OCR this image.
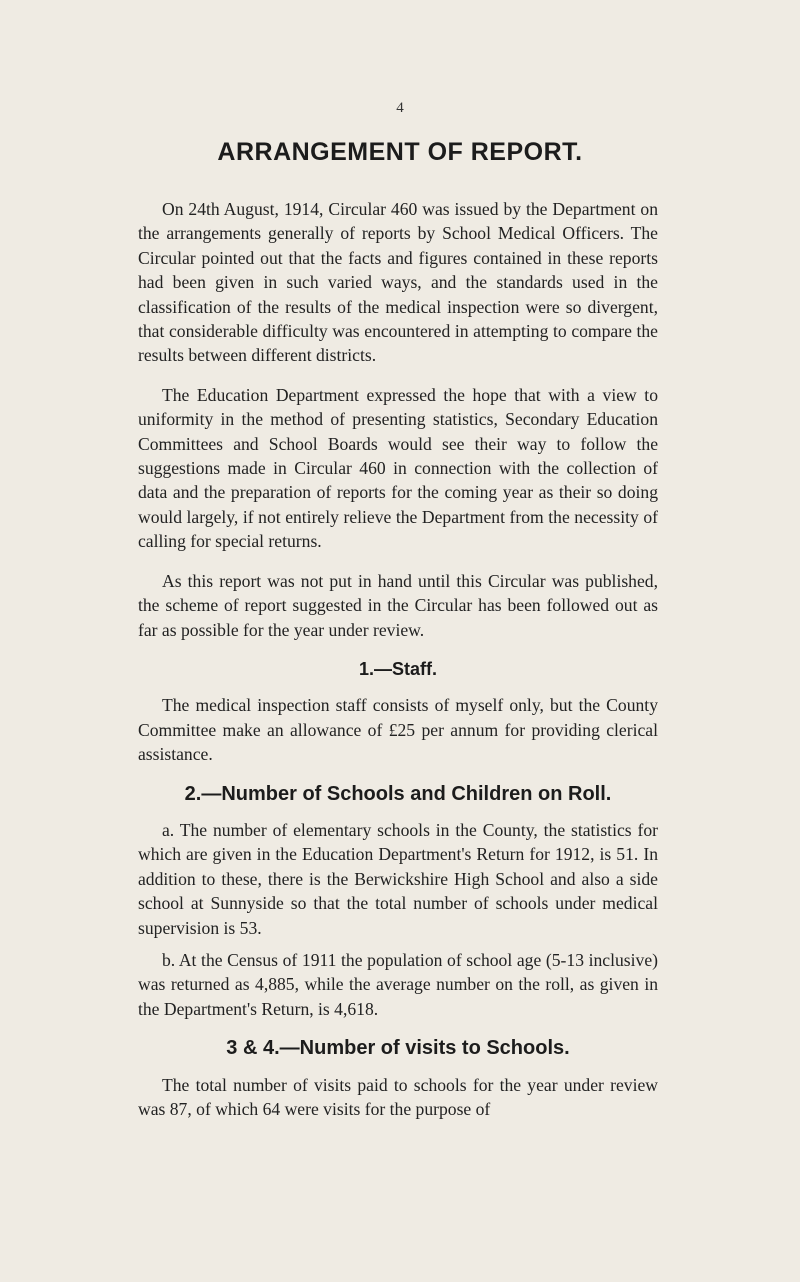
4
ARRANGEMENT OF REPORT.

On 24th August, 1914, Circular 460 was issued by the Department on the arrangements generally of reports by School Medical Officers. The Circular pointed out that the facts and figures contained in these reports had been given in such varied ways, and the standards used in the classification of the results of the medical inspection were so divergent, that considerable difficulty was encountered in attempting to compare the results between different districts.

The Education Department expressed the hope that with a view to uniformity in the method of presenting statistics, Secondary Education Committees and School Boards would see their way to follow the suggestions made in Circular 460 in connection with the collection of data and the preparation of reports for the coming year as their so doing would largely, if not entirely relieve the Department from the necessity of calling for special returns.

As this report was not put in hand until this Circular was published, the scheme of report suggested in the Circular has been followed out as far as possible for the year under review.

1.—Staff.

The medical inspection staff consists of myself only, but the County Committee make an allowance of £25 per annum for providing clerical assistance.

2.—Number of Schools and Children on Roll.

a. The number of elementary schools in the County, the statistics for which are given in the Education Department's Return for 1912, is 51. In addition to these, there is the Berwickshire High School and also a side school at Sunnyside so that the total number of schools under medical supervision is 53.

b. At the Census of 1911 the population of school age (5-13 inclusive) was returned as 4,885, while the average number on the roll, as given in the Department's Return, is 4,618.

3 & 4.—Number of visits to Schools.

The total number of visits paid to schools for the year under review was 87, of which 64 were visits for the purpose of
